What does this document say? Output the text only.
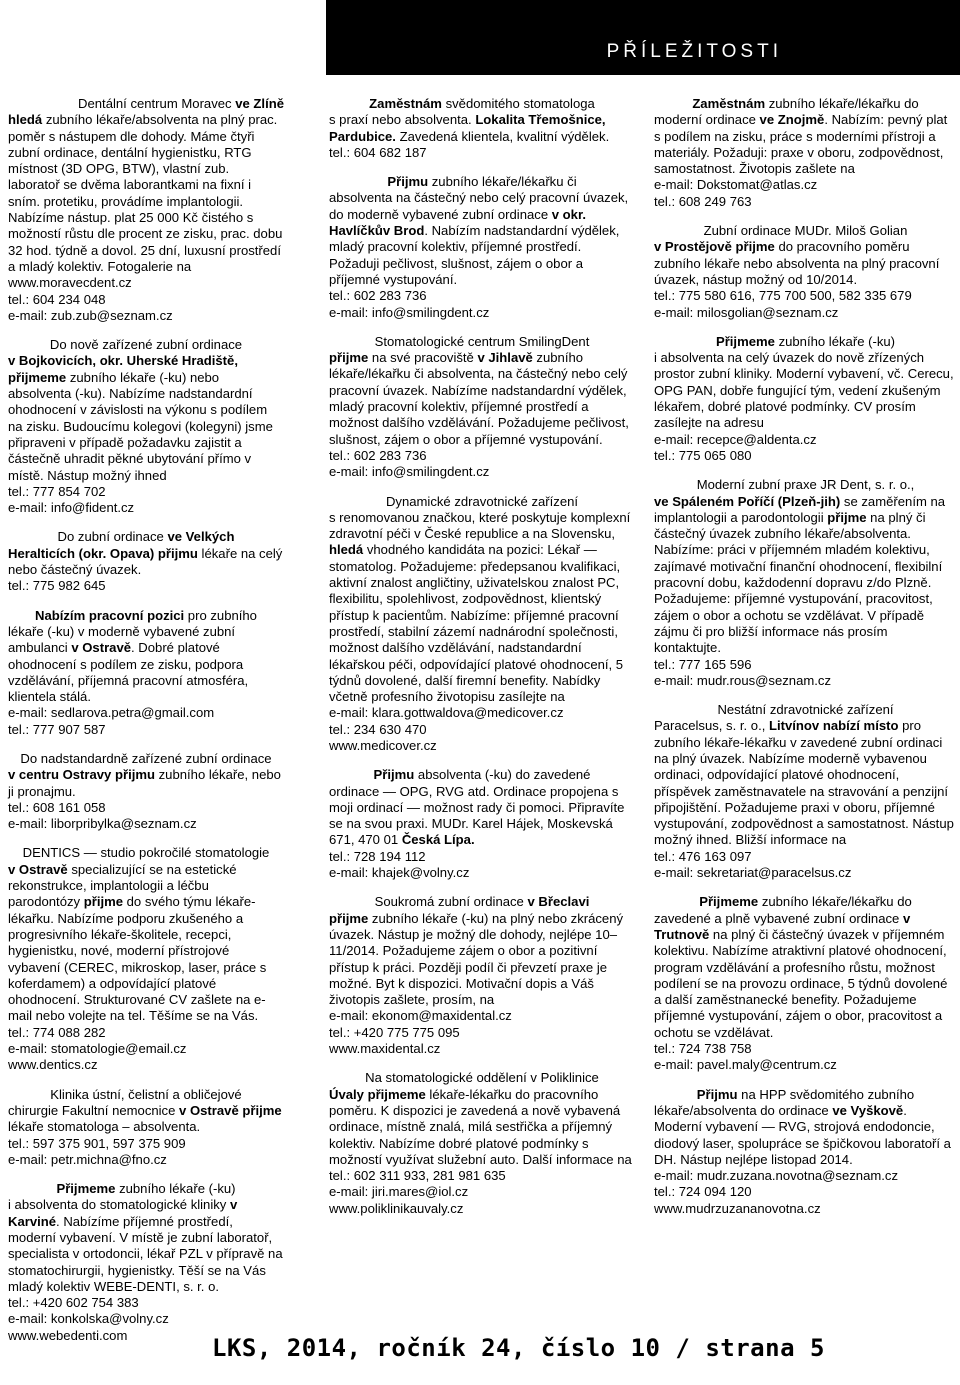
PŘÍLEŽITOSTI

Dentální centrum Moravec ve Zlíně

hledá zubního lékaře/absolventa na plný prac. poměr s nástupem dle dohody. Máme čtyři zubní ordinace, dentální hygienistku, RTG místnost (3D OPG, BTW), vlastní zub. laboratoř se dvěma laborantkami na fixní i sním. protetiku, provádíme implantologii. Nabízíme nástup. plat 25 000 Kč čistého s možností růstu dle procent ze zisku, prac. dobu 32 hod. týdně a dovol. 25 dní, luxusní prostředí a mladý kolektiv. Fotogalerie na www.moravecdent.cz

tel.: 604 234 048

e-mail: zub.zub@seznam.cz

Do nově zařízené zubní ordinace

v Bojkovicích, okr. Uherské Hradiště,

přijmeme zubního lékaře (-ku) nebo absolventa (-ku). Nabízíme nadstandardní ohodnocení v závislosti na výkonu s podílem na zisku. Budoucímu kolegovi (kolegyni) jsme připraveni v případě požadavku zajistit a částečně uhradit pěkné ubytování přímo v místě. Nástup možný ihned

tel.: 777 854 702

e-mail: info@fident.cz

Do zubní ordinace ve Velkých

Heralticích (okr. Opava) přijmu lékaře na celý nebo částečný úvazek.

tel.: 775 982 645

Nabízím pracovní pozici pro zubního

lékaře (-ku) v moderně vybavené zubní ambulanci v Ostravě. Dobré platové ohodnocení s podílem ze zisku, podpora vzdělávání, příjemná pracovní atmosféra, klientela stálá.

e-mail: sedlarova.petra@gmail.com

tel.: 777 907 587

Do nadstandardně zařízené zubní ordinace

v centru Ostravy přijmu zubního lékaře, nebo ji pronajmu.

tel.: 608 161 058

e-mail: liborpribylka@seznam.cz

DENTICS — studio pokročilé stomatologie

v Ostravě specializující se na estetické rekonstrukce, implantologii a léčbu parodontózy přijme do svého týmu lékaře-lékařku. Nabízíme podporu zkušeného a progresivního lékaře-školitele, recepci, hygienistku, nové, moderní přístrojové vybavení (CEREC, mikroskop, laser, práce s koferdamem) a odpovídající platové ohodnocení. Strukturované CV zašlete na e-mail nebo volejte na tel. Těšíme se na Vás.

tel.: 774 088 282

e-mail: stomatologie@email.cz

www.dentics.cz

Klinika ústní, čelistní a obličejové

chirurgie Fakultní nemocnice v Ostravě přijme lékaře stomatologa – absolventa.

tel.: 597 375 901, 597 375 909

e-mail: petr.michna@fno.cz

Přijmeme zubního lékaře (-ku)

i absolventa do stomatologické kliniky v Karviné. Nabízíme příjemné prostředí, moderní vybavení. V místě je zubní laboratoř, specialista v ortodoncii, lékař PZL v přípravě na stomatochirurgii, hygienistky. Těší se na Vás mladý kolektiv WEBE-DENTI, s. r. o.

tel.: +420 602 754 383

e-mail: konkolska@volny.cz

www.webedenti.com

Zaměstnám svědomitého stomatologa

s praxí nebo absolventa. Lokalita Třemošnice, Pardubice. Zavedená klientela, kvalitní výdělek.

tel.: 604 682 187

Přijmu zubního lékaře/lékařku či

absolventa na částečný nebo celý pracovní úvazek, do moderně vybavené zubní ordinace v okr. Havlíčkův Brod. Nabízím nadstandardní výdělek, mladý pracovní kolektiv, příjemné prostředí. Požaduji pečlivost, slušnost, zájem o obor a příjemné vystupování.

tel.: 602 283 736

e-mail: info@smilingdent.cz

Stomatologické centrum SmilingDent

přijme na své pracoviště v Jihlavě zubního lékaře/lékařku či absolventa, na částečný nebo celý pracovní úvazek. Nabízíme nadstandardní výdělek, mladý pracovní kolektiv, příjemné prostředí a možnost dalšího vzdělávání. Požadujeme pečlivost, slušnost, zájem o obor a příjemné vystupování.

tel.: 602 283 736

e-mail: info@smilingdent.cz

Dynamické zdravotnické zařízení

s renomovanou značkou, které poskytuje komplexní zdravotní péči v České republice a na Slovensku, hledá vhodného kandidáta na pozici: Lékař — stomatolog. Požadujeme: předepsanou kvalifikaci, aktivní znalost angličtiny, uživatelskou znalost PC, flexibilitu, spolehlivost, zodpovědnost, klientský přístup k pacientům. Nabízíme: příjemné pracovní prostředí, stabilní zázemí nadnárodní společnosti, možnost dalšího vzdělávání, nadstandardní lékařskou péči, odpovídající platové ohodnocení, 5 týdnů dovolené, další firemní benefity. Nabídky včetně profesního životopisu zasílejte na

e-mail: klara.gottwaldova@medicover.cz

tel.: 234 630 470

www.medicover.cz

Přijmu absolventa (-ku) do zavedené

ordinace — OPG, RVG atd. Ordinace propojena s moji ordinací — možnost rady či pomoci. Připravíte se na svou praxi. MUDr. Karel Hájek, Moskevská 671, 470 01 Česká Lípa.

tel.: 728 194 112

e-mail: khajek@volny.cz

Soukromá zubní ordinace v Břeclavi

přijme zubního lékaře (-ku) na plný nebo zkrácený úvazek. Nástup je možný dle dohody, nejlépe 10–11/2014. Požadujeme zájem o obor a pozitivní přístup k práci. Později podíl či převzetí praxe je možné. Byt k dispozici. Motivační dopis a Váš životopis zašlete, prosím, na

e-mail: ekonom@maxidental.cz

tel.: +420 775 775 095

www.maxidental.cz

Na stomatologické oddělení v Poliklinice

Úvaly přijmeme lékaře-lékařku do pracovního poměru. K dispozici je zavedená a nově vybavená ordinace, místně znalá, milá sestřička a příjemný kolektiv. Nabízíme dobré platové podmínky s možností využívat služební auto. Další informace na

tel.: 602 311 933, 281 981 635

e-mail: jiri.mares@iol.cz

www.poliklinikauvaly.cz

Zaměstnám zubního lékaře/lékařku do

moderní ordinace ve Znojmě. Nabízím: pevný plat s podílem na zisku, práce s moderními přístroji a materiály. Požaduji: praxe v oboru, zodpovědnost, samostatnost. Životopis zašlete na

e-mail: Dokstomat@atlas.cz

tel.: 608 249 763

Zubní ordinace MUDr. Miloš Golian

v Prostějově přijme do pracovního poměru zubního lékaře nebo absolventa na plný pracovní úvazek, nástup možný od 10/2014.

tel.: 775 580 616, 775 700 500, 582 335 679

e-mail: milosgolian@seznam.cz

Přijmeme zubního lékaře (-ku)

i absolventa na celý úvazek do nově zřízených prostor zubní kliniky. Moderní vybavení, vč. Cerecu, OPG PAN, dobře fungující tým, vedení zkušeným lékařem, dobré platové podmínky. CV prosím zasílejte na adresu

e-mail: recepce@aldenta.cz

tel.: 775 065 080

Moderní zubní praxe JR Dent, s. r. o.,

ve Spáleném Poříčí (Plzeň-jih) se zaměřením na implantologii a parodontologii přijme na plný či částečný úvazek zubního lékaře/absolventa. Nabízíme: práci v příjemném mladém kolektivu, zajímavé motivační finanční ohodnocení, flexibilní pracovní dobu, každodenní dopravu z/do Plzně. Požadujeme: příjemné vystupování, pracovitost, zájem o obor a ochotu se vzdělávat. V případě zájmu či pro bližší informace nás prosím kontaktujte.

tel.: 777 165 596

e-mail: mudr.rous@seznam.cz

Nestátní zdravotnické zařízení

Paracelsus, s. r. o., Litvínov nabízí místo pro zubního lékaře-lékařku v zavedené zubní ordinaci na plný úvazek. Nabízíme moderně vybavenou ordinaci, odpovídající platové ohodnocení, příspěvek zaměstnavatele na stravování a penzijní připojištění. Požadujeme praxi v oboru, příjemné vystupování, zodpovědnost a samostatnost. Nástup možný ihned. Bližší informace na

tel.: 476 163 097

e-mail: sekretariat@paracelsus.cz

Přijmeme zubního lékaře/lékařku do

zavedené a plně vybavené zubní ordinace v Trutnově na plný či částečný úvazek v příjemném kolektivu. Nabízíme atraktivní platové ohodnocení, program vzdělávání a profesního růstu, možnost podílení se na provozu ordinace, 5 týdnů dovolené a další zaměstnanecké benefity. Požadujeme příjemné vystupování, zájem o obor, pracovitost a ochotu se vzdělávat.

tel.: 724 738 758

e-mail: pavel.maly@centrum.cz

Přijmu na HPP svědomitého zubního

lékaře/absolventa do ordinace ve Vyškově. Moderní vybavení — RVG, strojová endodoncie, diodový laser, spolupráce se špičkovou laboratoří a DH. Nástup nejlépe listopad 2014.

e-mail: mudr.zuzana.novotna@seznam.cz

tel.: 724 094 120

www.mudrzuzananovotna.cz

LKS, 2014, ročník 24, číslo 10 / strana 5
